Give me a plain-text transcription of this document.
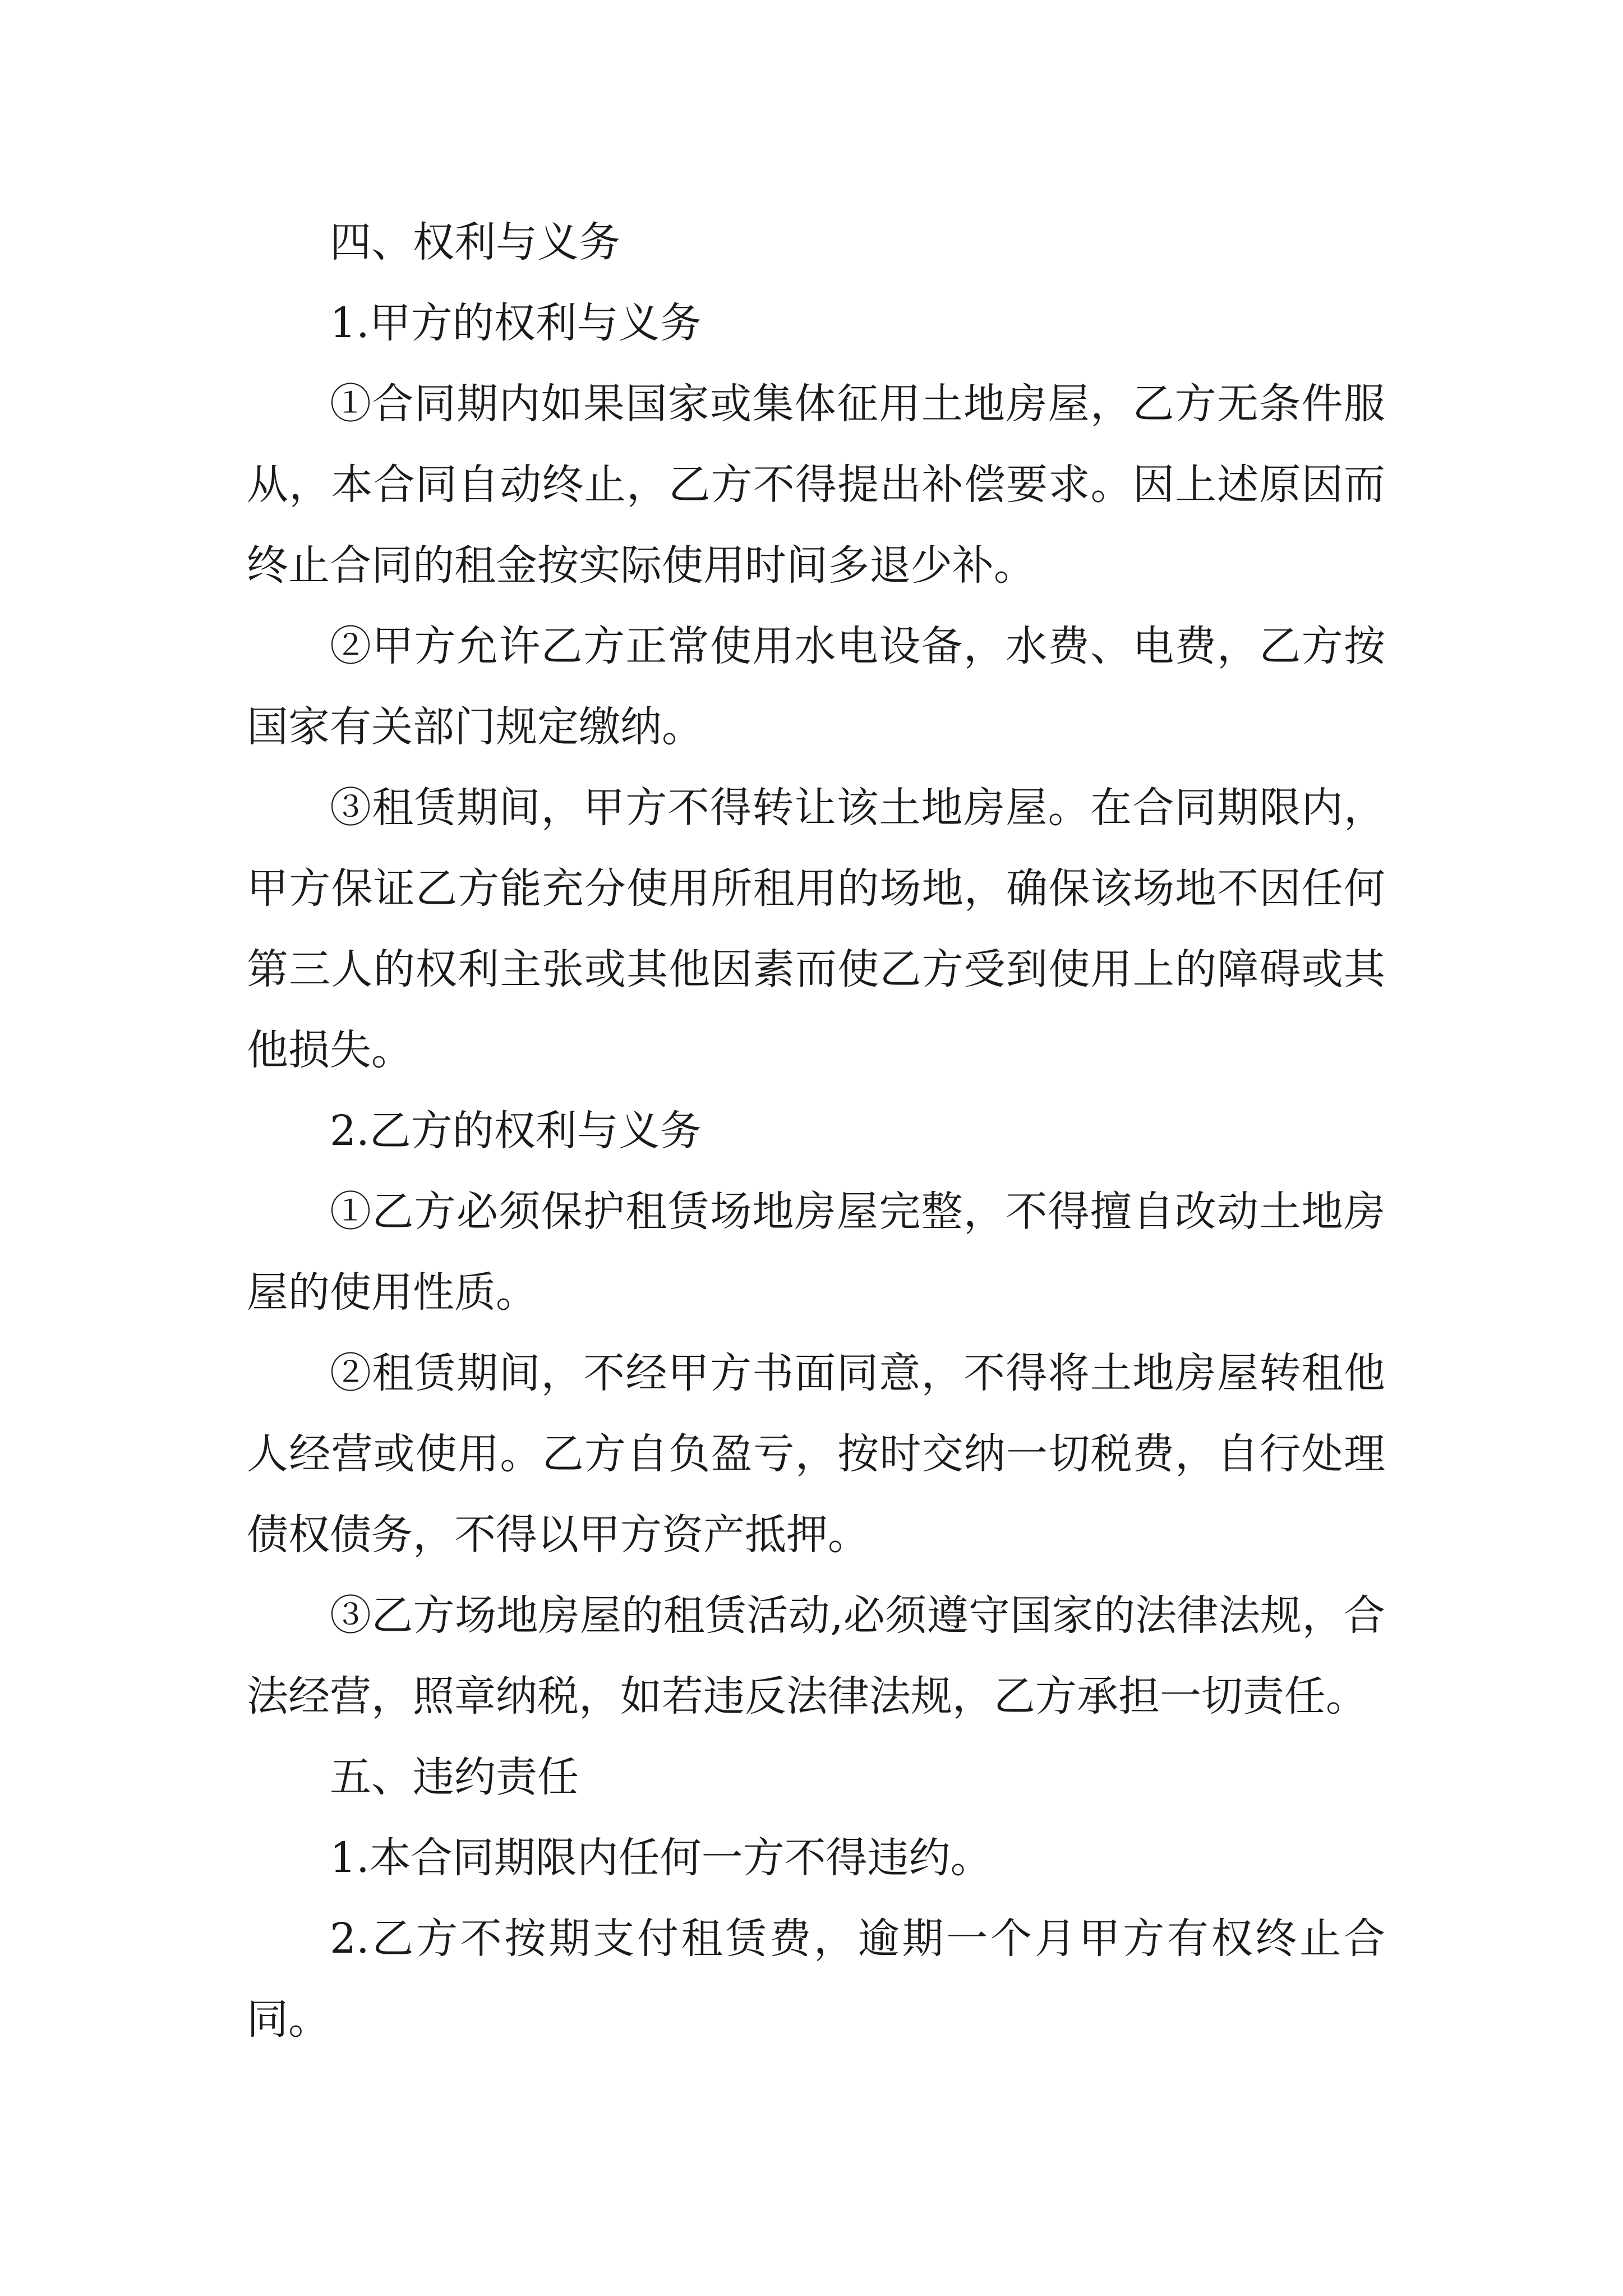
四、权利与义务

1.甲方的权利与义务

①合同期内如果国家或集体征用土地房屋，乙方无条件服从，本合同自动终止，乙方不得提出补偿要求。因上述原因而终止合同的租金按实际使用时间多退少补。

②甲方允许乙方正常使用水电设备，水费、电费，乙方按国家有关部门规定缴纳。

③租赁期间，甲方不得转让该土地房屋。在合同期限内，甲方保证乙方能充分使用所租用的场地，确保该场地不因任何第三人的权利主张或其他因素而使乙方受到使用上的障碍或其他损失。

2.乙方的权利与义务

①乙方必须保护租赁场地房屋完整，不得擅自改动土地房屋的使用性质。

②租赁期间，不经甲方书面同意，不得将土地房屋转租他人经营或使用。乙方自负盈亏，按时交纳一切税费，自行处理债权债务，不得以甲方资产抵押。

③乙方场地房屋的租赁活动,必须遵守国家的法律法规，合法经营，照章纳税，如若违反法律法规，乙方承担一切责任。

五、违约责任

1.本合同期限内任何一方不得违约。

2.乙方不按期支付租赁费，逾期一个月甲方有权终止合同。
